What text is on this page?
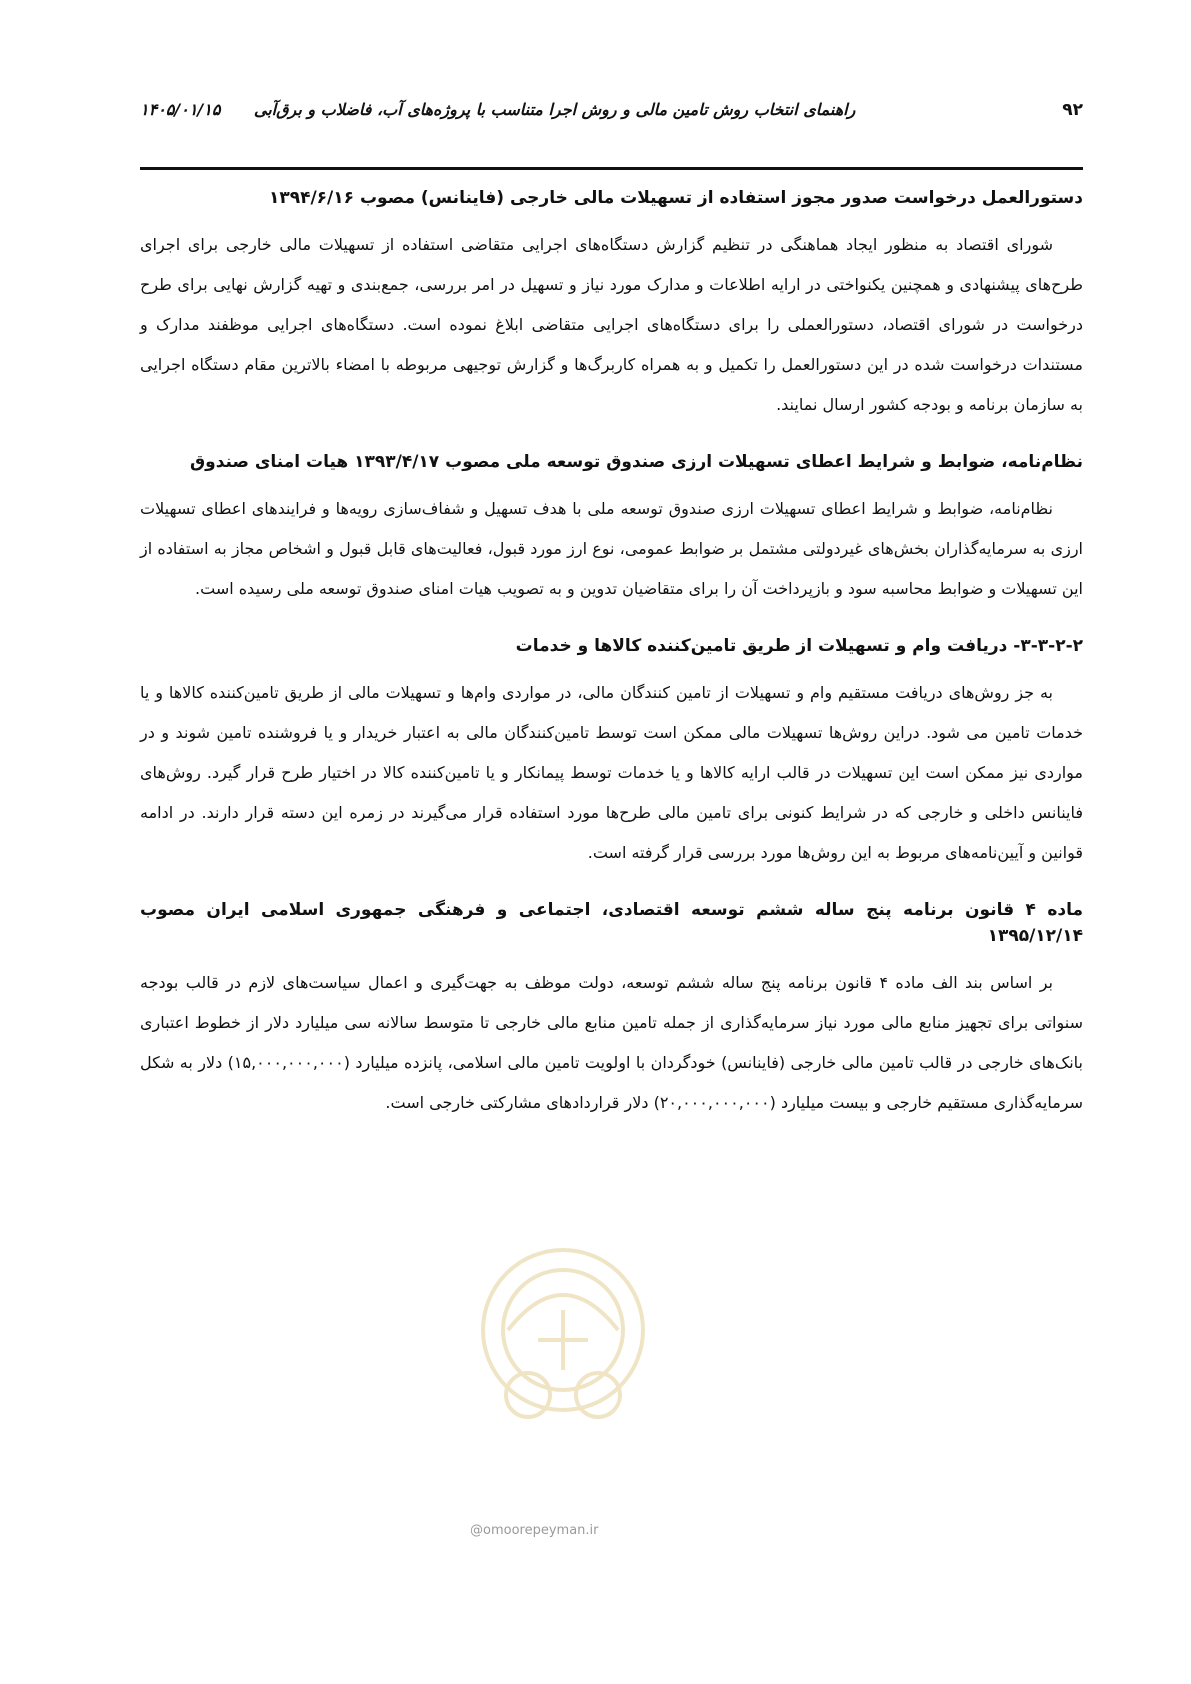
۹۲
راهنمای انتخاب روش تامین مالی و روش اجرا متناسب با پروژه‌های آب، فاضلاب و برق‌آبی      ۱۴۰۵/۰۱/۱۵
دستورالعمل درخواست صدور مجوز استفاده از تسهیلات مالی خارجی (فاینانس) مصوب ۱۳۹۴/۶/۱۶

شورای اقتصاد به منظور ایجاد هماهنگی در تنظیم گزارش دستگاه‌های اجرایی متقاضی استفاده از تسهیلات مالی خارجی برای اجرای طرح‌های پیشنهادی و همچنین یکنواختی در ارایه اطلاعات و مدارک مورد نیاز و تسهیل در امر بررسی، جمع‌بندی و تهیه گزارش نهایی برای طرح درخواست در شورای اقتصاد، دستورالعملی را برای دستگاه‌های اجرایی متقاضی ابلاغ نموده است. دستگاه‌های اجرایی موظفند مدارک و مستندات درخواست شده در این دستورالعمل را تکمیل و به همراه کاربرگ‌ها و گزارش توجیهی مربوطه با امضاء بالاترین مقام دستگاه اجرایی به سازمان برنامه و بودجه کشور ارسال نمایند.

نظام‌نامه، ضوابط و شرایط اعطای تسهیلات ارزی صندوق توسعه ملی مصوب ۱۳۹۳/۴/۱۷ هیات امنای صندوق

نظام‌نامه، ضوابط و شرایط اعطای تسهیلات ارزی صندوق توسعه ملی با هدف تسهیل و شفاف‌سازی رویه‌ها و فرایندهای اعطای تسهیلات ارزی به سرمایه‌گذاران بخش‌های غیردولتی مشتمل بر ضوابط عمومی، نوع ارز مورد قبول، فعالیت‌های قابل قبول و اشخاص مجاز به استفاده از این تسهیلات و ضوابط محاسبه سود و بازپرداخت آن را برای متقاضیان تدوین و به تصویب هیات امنای صندوق توسعه ملی رسیده است.

۳-۳-۲-۲- دریافت وام و تسهیلات از طریق تامین‌کننده کالاها و خدمات

به جز روش‌های دریافت مستقیم وام و تسهیلات از تامین کنندگان مالی، در مواردی وام‌ها و تسهیلات مالی از طریق تامین‌کننده کالاها و یا خدمات تامین می شود. دراین روش‌ها تسهیلات مالی ممکن است توسط تامین‌کنندگان مالی به اعتبار خریدار و یا فروشنده تامین شوند و در مواردی نیز ممکن است این تسهیلات در قالب ارایه کالاها و یا خدمات توسط پیمانکار و یا تامین‌کننده کالا در اختیار طرح قرار گیرد. روش‌های فاینانس داخلی و خارجی که در شرایط کنونی برای تامین مالی طرح‌ها مورد استفاده قرار می‌گیرند در زمره این دسته قرار دارند. در ادامه قوانین و آیین‌نامه‌های مربوط به این روش‌ها مورد بررسی قرار گرفته است.

ماده ۴ قانون برنامه پنج ساله ششم توسعه اقتصادی، اجتماعی و فرهنگی جمهوری اسلامی ایران مصوب ۱۳۹۵/۱۲/۱۴

بر اساس بند الف ماده ۴ قانون برنامه پنج ساله ششم توسعه، دولت موظف به جهت‌گیری و اعمال سیاست‌های لازم در قالب بودجه سنواتی برای تجهیز منابع مالی مورد نیاز سرمایه‌گذاری از جمله تامین منابع مالی خارجی تا متوسط سالانه سی میلیارد دلار از خطوط اعتباری بانک‌های خارجی در قالب تامین مالی خارجی (فاینانس) خودگردان با اولویت تامین مالی اسلامی، پانزده میلیارد (۱۵,۰۰۰,۰۰۰,۰۰۰) دلار به شکل سرمایه‌گذاری مستقیم خارجی و بیست میلیارد (۲۰,۰۰۰,۰۰۰,۰۰۰) دلار قراردادهای مشارکتی خارجی است.

@omoorepeyman.ir
